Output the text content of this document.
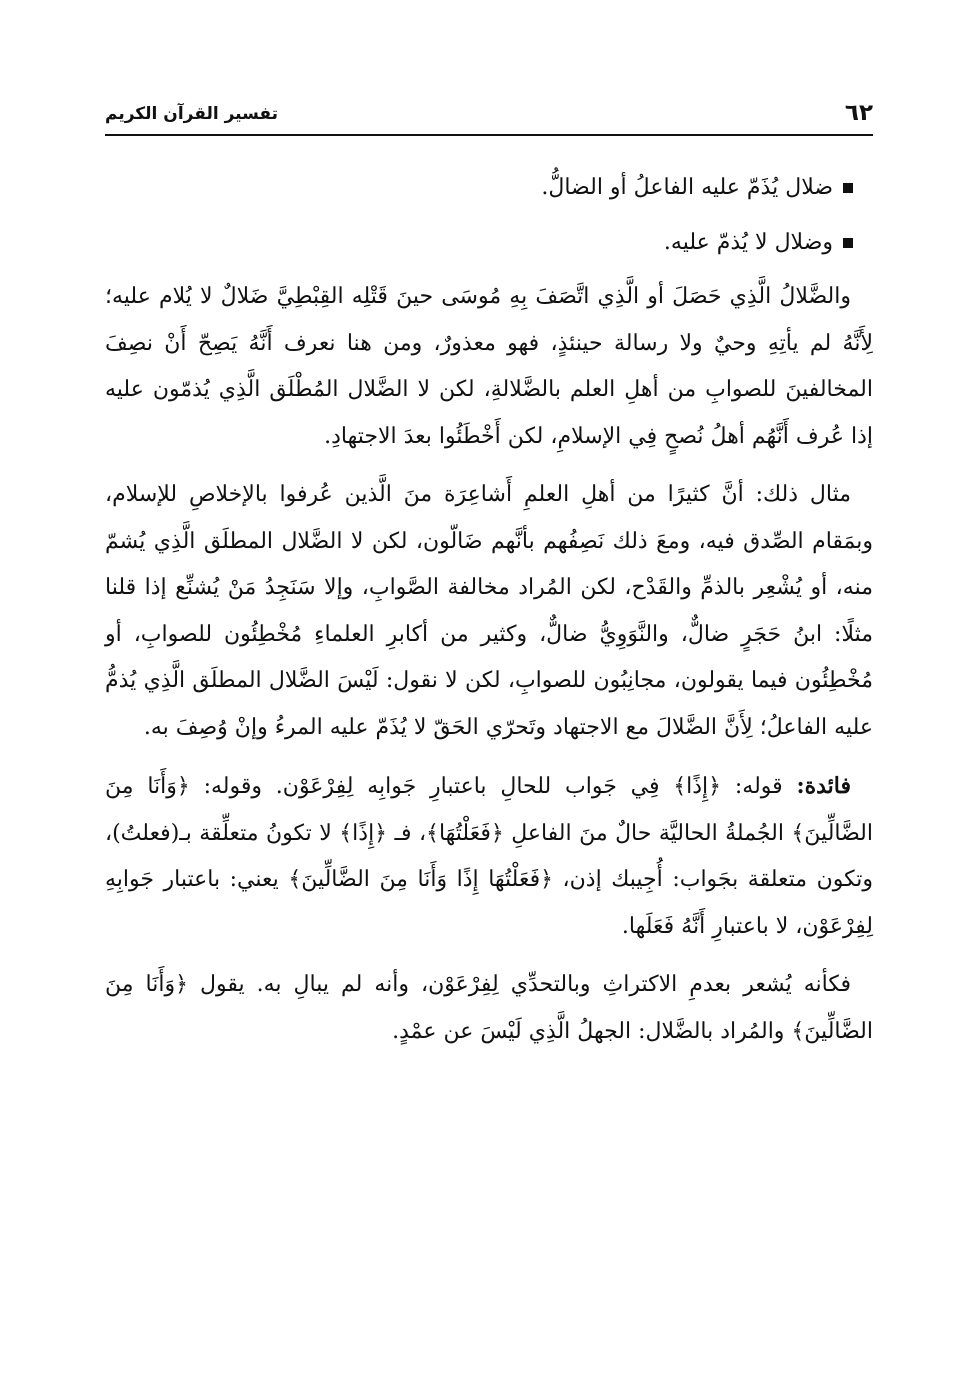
٦٢
تفسير القرآن الكريم
ضلال يُذَمّ عليه الفاعلُ أو الضالُّ.
وضلال لا يُذمّ عليه.

والضَّلالُ الَّذِي حَصَلَ أو الَّذِي اتَّصَفَ بِهِ مُوسَى حينَ قَتْلِه القِبْطِيَّ ضَلالٌ لا يُلام عليه؛ لِأَنَّهُ لم يأتِهِ وحيٌ ولا رسالة حينئذٍ، فهو معذورٌ، ومن هنا نعرف أَنَّهُ يَصِحّ أَنْ نصِفَ المخالفينَ للصوابِ من أهلِ العلم بالضَّلالةِ، لكن لا الضَّلال المُطْلَق الَّذِي يُذمّون عليه إذا عُرف أَنَّهُم أهلُ نُصحٍ فِي الإسلامِ، لكن أَخْطَئُوا بعدَ الاجتهادِ.

مثال ذلك: أنَّ كثيرًا من أهلِ العلمِ أَشاعِرَة منَ الَّذين عُرفوا بالإخلاصِ للإسلام، وبمَقام الصِّدق فيه، ومعَ ذلك نَصِفُهم بأنَّهم ضَالّون، لكن لا الضَّلال المطلَق الَّذِي يُشمّ منه، أو يُشْعِر بالذمِّ والقَدْح، لكن المُراد مخالفة الصَّوابِ، وإلا سَنَجِدُ مَنْ يُشنِّع إذا قلنا مثلًا: ابنُ حَجَرٍ ضالٌّ، والنَّوَوِيُّ ضالٌّ، وكثير من أكابرِ العلماءِ مُخْطِئُون للصوابِ، أو مُخْطِئُون فيما يقولون، مجانِبُون للصوابِ، لكن لا نقول: لَيْسَ الضَّلال المطلَق الَّذِي يُذمُّ عليه الفاعلُ؛ لِأَنَّ الضَّلالَ مع الاجتهاد وتَحرّي الحَقّ لا يُذَمّ عليه المرءُ وإنْ وُصِفَ به.

فائدة: قوله: ﴿إِذًا﴾ فِي جَواب للحالِ باعتبارِ جَوابِه لِفِرْعَوْن. وقوله: ﴿وَأَنَا مِنَ الضَّالِّينَ﴾ الجُملةُ الحاليَّة حالٌ منَ الفاعلِ ﴿فَعَلْتُهَا﴾، فـ ﴿إِذًا﴾ لا تكونُ متعلِّقة بـ(فعلتُ)، وتكون متعلقة بجَواب: أُجِيبك إذن، ﴿فَعَلْتُهَا إِذًا وَأَنَا مِنَ الضَّالِّينَ﴾ يعني: باعتبار جَوابِهِ لِفِرْعَوْن، لا باعتبارِ أَنَّهُ فَعَلَها.

فكأنه يُشعر بعدمِ الاكتراثِ وبالتحدِّي لِفِرْعَوْن، وأنه لم يبالِ به. يقول ﴿وَأَنَا مِنَ الضَّالِّينَ﴾ والمُراد بالضَّلال: الجهلُ الَّذِي لَيْسَ عن عمْدٍ.
